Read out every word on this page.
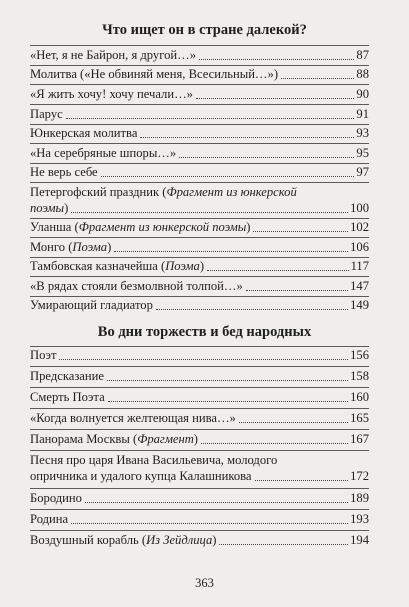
Что ищет он в стране далекой?
«Нет, я не Байрон, я другой…»	87
Молитва («Не обвиняй меня, Всесильный…»)	88
«Я жить хочу! хочу печали…»	90
Парус	91
Юнкерская молитва	93
«На серебряные шпоры…»	95
Не верь себе	97
Петергофский праздник (Фрагмент из юнкерской
поэмы)	100
Уланша (Фрагмент из юнкерской поэмы)	102
Монго (Поэма)	106
Тамбовская казначейша (Поэма)	117
«В рядах стояли безмолвной толпой…»	147
Умирающий гладиатор	149
Во дни торжеств и бед народных
Поэт	156
Предсказание	158
Смерть Поэта	160
«Когда волнуется желтеющая нива…»	165
Панорама Москвы (Фрагмент)	167
Песня про царя Ивана Васильевича, молодого
опричника и удалого купца Калашникова	172
Бородино	189
Родина	193
Воздушный корабль (Из Зейдлица)	194
363
